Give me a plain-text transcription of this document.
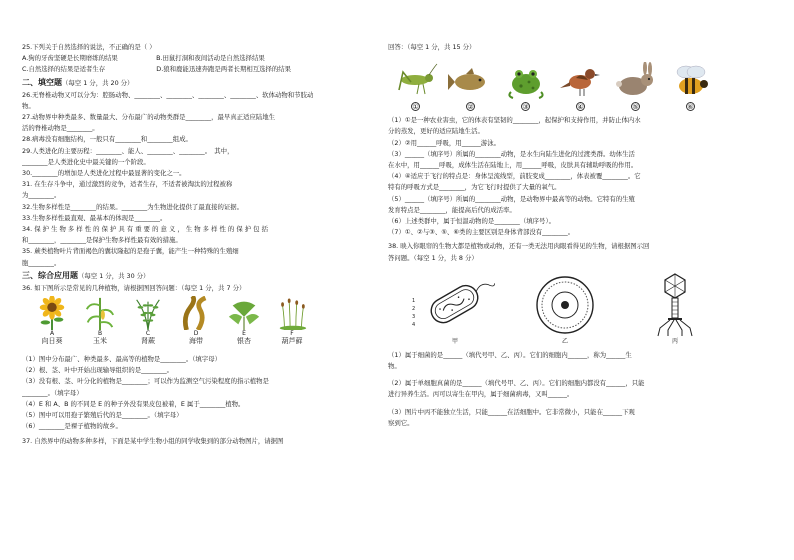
25.下列关于自然选择的说法，不正确的是（ ）
A.狗的牙齿坚硬是长期磨练的结果　　　　　　B.田鼠打洞和夜间活动是自然选择结果
C.自然选择的结果是适者生存　　　　　　　　D.狼和鹿能迅速奔跑是两者长期相互选择的结果
二、填空题（每空 1 分，共 20 分）
26.无脊椎动物又可以分为：腔肠动物、________、________、________、________、软体动物和节肢动
物。
27.动物界中种类最多、数量最大、分布最广的动物类群是________，最早真正适应陆地生
活的脊椎动物是________。
28.病毒没有细胞结构，一般只有________和________组成。
29.人类进化的主要历程：________、能人、________、________。　其中，
________是人类进化史中最关键的一个阶段。
30.________的增加是人类进化过程中最显著的变化之一。
31. 在生存斗争中，通过激烈的竞争，适者生存，不适者被淘汰的过程被称
为________。
32.生物多样性是________的结果。________为生物进化提供了最直接的证据。
33.生物多样性最直观、最基本的体现是________。
34. 保 护 生 物 多 样 性 的 保 护 具 有 重 要 的 意 义 ， 生 物 多 样 性 的 保 护 包 括
和________，________是保护生物多样性最有效的措施。
35. 蕨类植物叶片背面褐色的囊状隆起的是孢子囊，能产生一种特殊的生殖细
胞________。
三、综合应用题（每空 1 分，共 30 分）
36. 如下图所示是常见的几种植物，请根据图回答问题：（每空 1 分，共 7 分）
A
向日葵
B
玉米
C
肾蕨
D
海带
E
银杏
F
葫芦藓
（1）图中分布最广、种类最多、最高等的植物是________。（填字母）
（2）根、茎、叶中开始出现输导组织的是________。
（3）没有根、茎、叶分化的植物是________；可以作为监测空气污染程度的指示植物是
________。（填字母）
（4）E 和 A、B 的不同是 E 的种子外没有果皮包被着，E 属于________植物。
（5）图中可以用孢子繁殖后代的是________。（填字母）
（6）________是裸子植物的故乡。
37. 自然界中的动物多种多样，下面是某中学生物小组的同学收集到的部分动物图片，请据图
回答：（每空 1 分，共 15 分）
①	②	③	④	⑤	⑥
（1）①是一种农业害虫，它的体表有坚韧的________，起保护和支持作用，并防止体内水
分的蒸发，更好的适应陆地生活。
（2）②用______呼吸，用______游泳。
（3）______（填序号）所属的________动物，是水生向陆生进化的过渡类群。幼体生活
在水中，用______呼吸，成体生活在陆地上，用______呼吸，皮肤具有辅助呼吸的作用。
（4）④适应于飞行的特点是：身体呈流线型，前肢变成________，体表被覆________。它
特有的呼吸方式是________，为它飞行时提供了大量的氧气。
（5）______（填序号）所属的________动物，是动物界中最高等的动物。它特有的生殖
发育特点是________，能提高后代的成活率。
（6）上述类群中，属于恒温动物的是________（填序号）。
（7）①、②与③、⑤、⑥类的主要区别是身体背部没有________。
38. 映入你眼帘的生物大都是植物或动物，还有一类无法用肉眼看得见的生物，请根据图示回
答问题。（每空 1 分，共 8 分）
1
2
3
4
甲	乙	丙
（1）属于细菌的是______（填代号甲、乙、丙）。它们的细胞内______，称为______生
物。
（2）属于单细胞真菌的是______（填代号甲、乙、丙）。它们的细胞内都没有______，只能
进行异养生活。丙可以寄生在甲内，属于细菌病毒，又叫______。
（3）图片中丙不能独立生活，只能______在活细胞中。它非常微小，只能在______下观
察到它。
